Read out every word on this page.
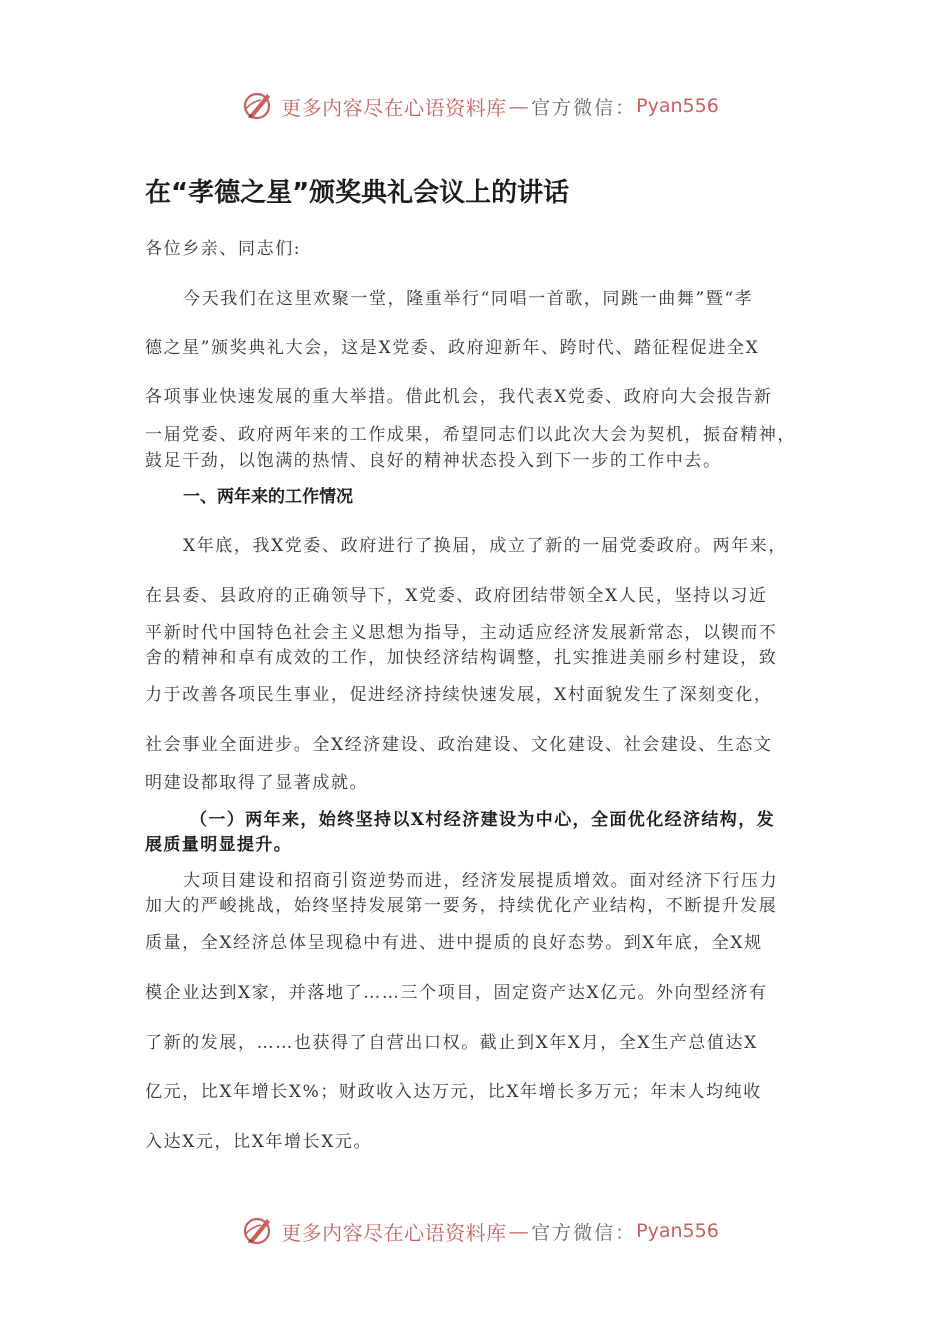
更多内容尽在心语资料库 — 官方微信： Pyan556
在“孝德之星”颁奖典礼会议上的讲话
各位乡亲、同志们:
今天我们在这里欢聚一堂，隆重举行“同唱一首歌，同跳一曲舞”暨“孝
德之星”颁奖典礼大会，这是X党委、政府迎新年、跨时代、踏征程促进全X
各项事业快速发展的重大举措。借此机会，我代表X党委、政府向大会报告新
一届党委、政府两年来的工作成果，希望同志们以此次大会为契机，振奋精神，
鼓足干劲，以饱满的热情、良好的精神状态投入到下一步的工作中去。
一、两年来的工作情况
X年底，我X党委、政府进行了换届，成立了新的一届党委政府。两年来，
在县委、县政府的正确领导下，X党委、政府团结带领全X人民，坚持以习近
平新时代中国特色社会主义思想为指导，主动适应经济发展新常态，以锲而不
舍的精神和卓有成效的工作，加快经济结构调整，扎实推进美丽乡村建设，致
力于改善各项民生事业，促进经济持续快速发展，X村面貌发生了深刻变化，
社会事业全面进步。全X经济建设、政治建设、文化建设、社会建设、生态文
明建设都取得了显著成就。
（一）两年来，始终坚持以X村经济建设为中心，全面优化经济结构，发
展质量明显提升。
大项目建设和招商引资逆势而进，经济发展提质增效。面对经济下行压力
加大的严峻挑战，始终坚持发展第一要务，持续优化产业结构，不断提升发展
质量，全X经济总体呈现稳中有进、进中提质的良好态势。到X年底，全X规
模企业达到X家，并落地了……三个项目，固定资产达X亿元。外向型经济有
了新的发展，……也获得了自营出口权。截止到X年X月，全X生产总值达X
亿元，比X年增长X%；财政收入达万元，比X年增长多万元；年末人均纯收
入达X元，比X年增长X元。
更多内容尽在心语资料库 — 官方微信： Pyan556
